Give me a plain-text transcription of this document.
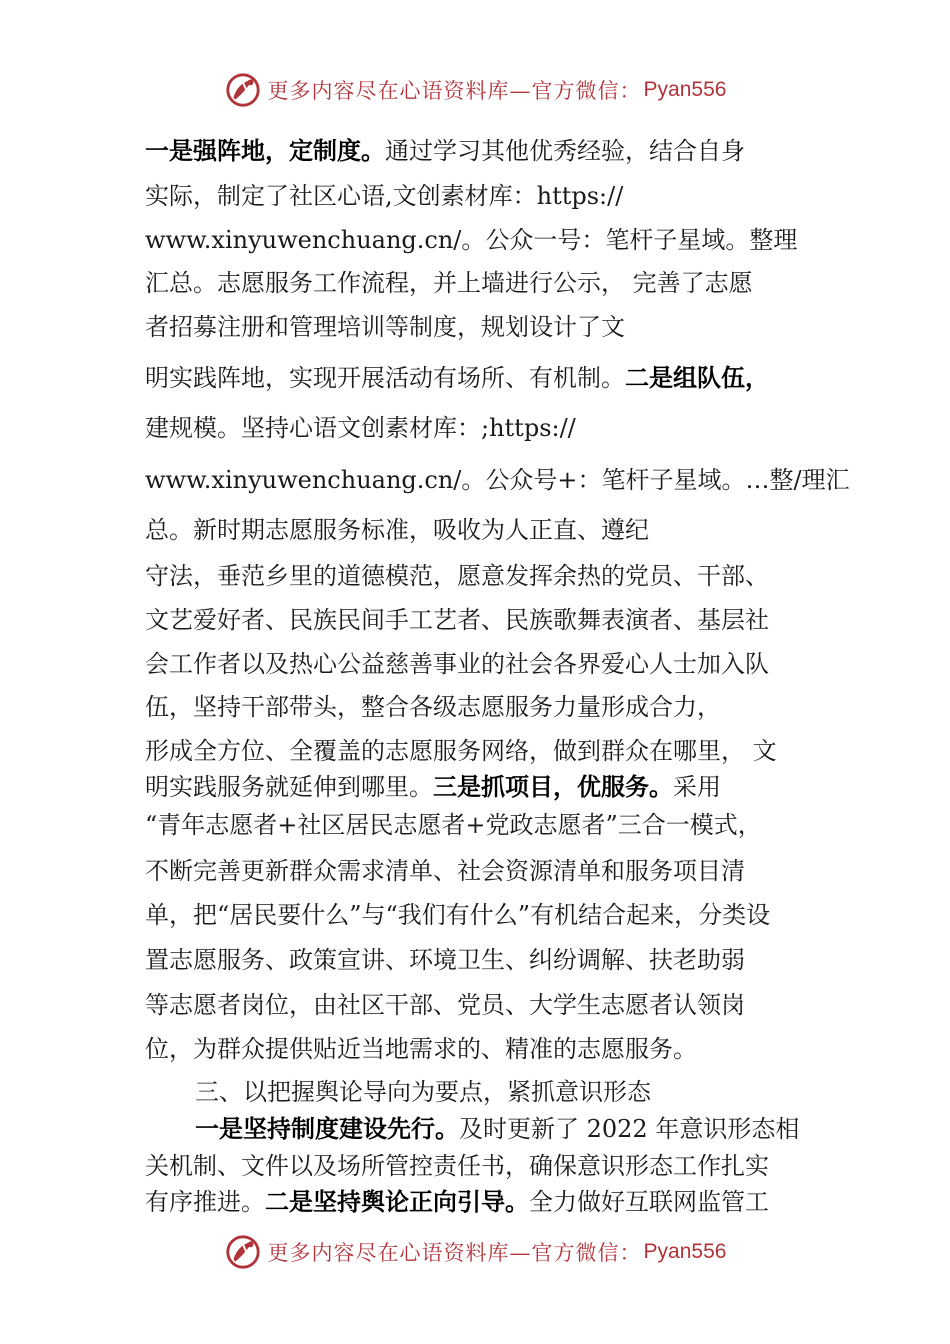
更多内容尽在心语资料库—官方微信： Pyan556
一是强阵地，定制度。通过学习其他优秀经验，结合自身
实际，制定了社区心语,文创素材库：https://
www.xinyuwenchuang.cn/。公众一号：笔杆子星域。整理
汇总。志愿服务工作流程，并上墙进行公示， 完善了志愿
者招募注册和管理培训等制度，规划设计了文
明实践阵地，实现开展活动有场所、有机制。二是组队伍，
建规模。坚持心语文创素材库：;https://
www.xinyuwenchuang.cn/。公众号+：笔杆子星域。…整/理汇
总。新时期志愿服务标准，吸收为人正直、遵纪
守法，垂范乡里的道德模范，愿意发挥余热的党员、干部、
文艺爱好者、民族民间手工艺者、民族歌舞表演者、基层社
会工作者以及热心公益慈善事业的社会各界爱心人士加入队
伍，坚持干部带头，整合各级志愿服务力量形成合力，
形成全方位、全覆盖的志愿服务网络，做到群众在哪里， 文
明实践服务就延伸到哪里。三是抓项目，优服务。采用
“青年志愿者+社区居民志愿者+党政志愿者”三合一模式，
不断完善更新群众需求清单、社会资源清单和服务项目清
单，把“居民要什么”与“我们有什么”有机结合起来，分类设
置志愿服务、政策宣讲、环境卫生、纠纷调解、扶老助弱
等志愿者岗位，由社区干部、党员、大学生志愿者认领岗
位，为群众提供贴近当地需求的、精准的志愿服务。
三、以把握舆论导向为要点，紧抓意识形态
一是坚持制度建设先行。及时更新了 2022 年意识形态相
关机制、文件以及场所管控责任书，确保意识形态工作扎实
有序推进。二是坚持舆论正向引导。全力做好互联网监管工
更多内容尽在心语资料库—官方微信： Pyan556
